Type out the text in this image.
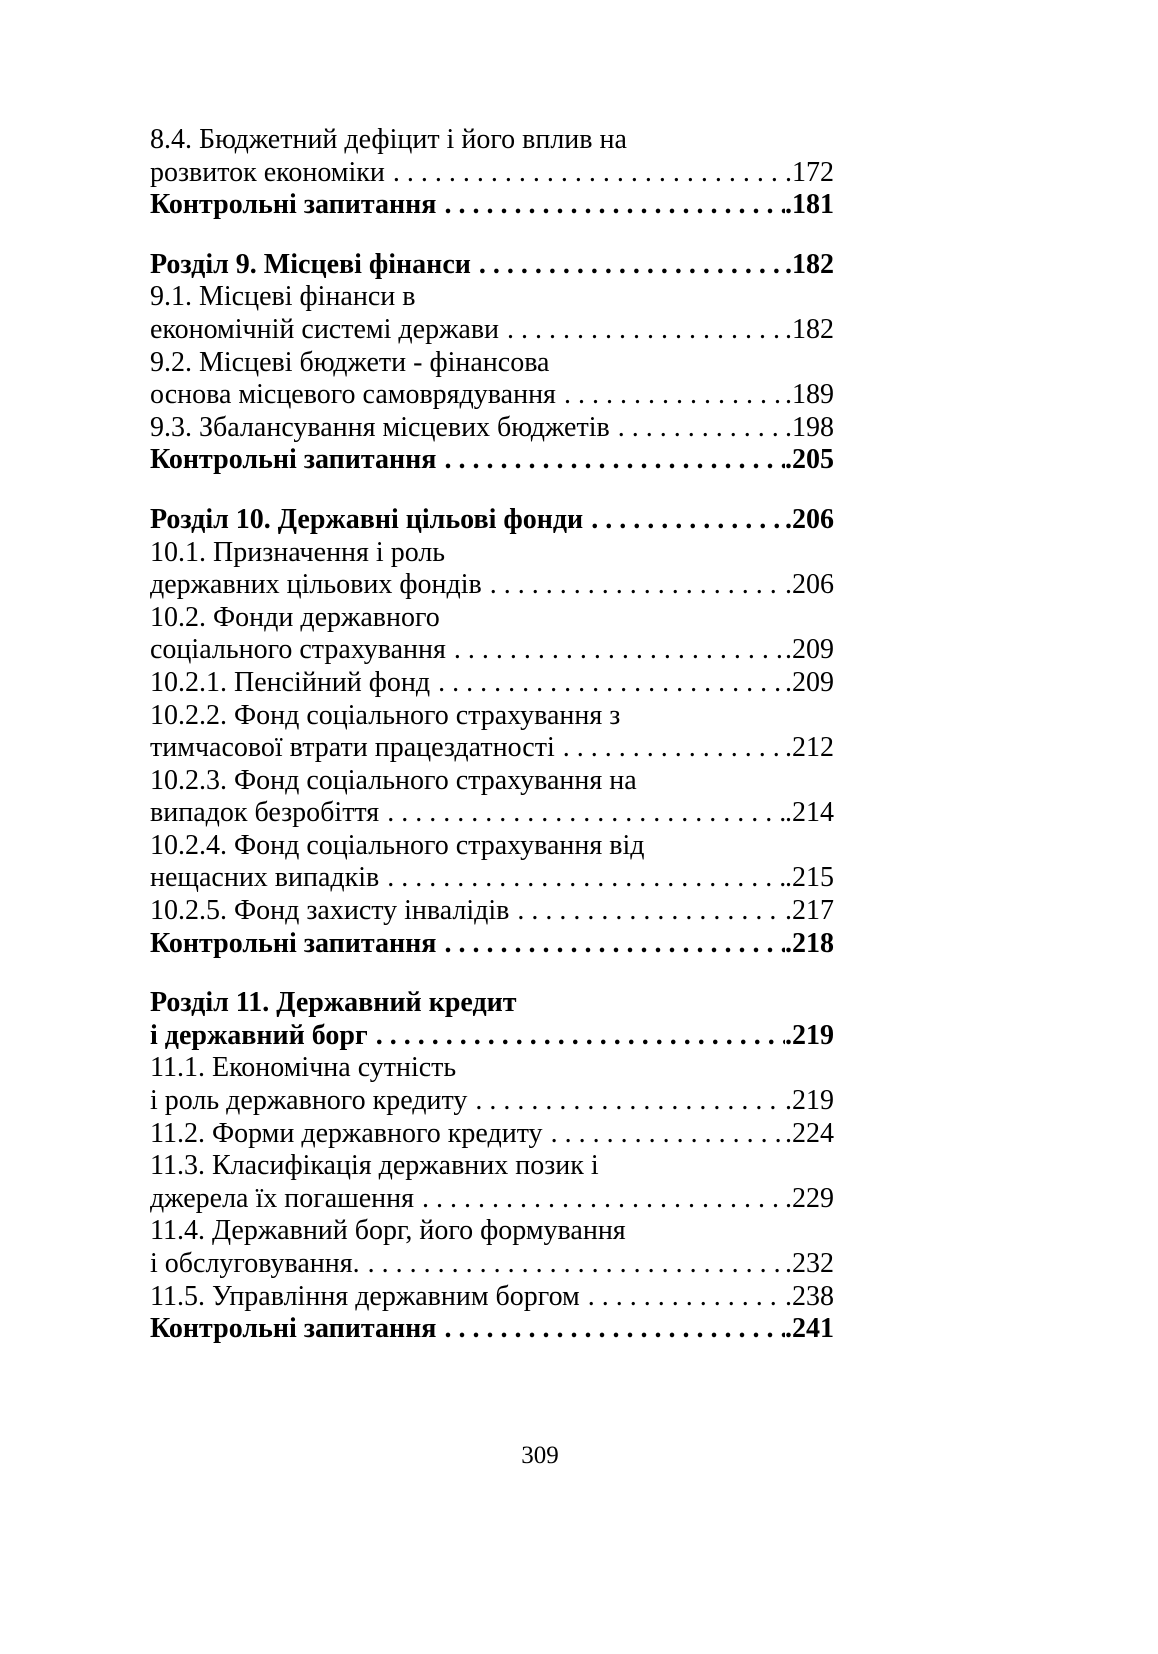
8.4. Бюджетний дефіцит і його вплив на
розвиток економіки . . .	. 172
Контрольні запитання . . .	. 181
Розділ 9. Місцеві фінанси . . .	. 182
9.1. Місцеві фінанси в
економічній системі держави . . .	. 182
9.2. Місцеві бюджети - фінансова
основа місцевого самоврядування . . .	. 189
9.3. Збалансування місцевих бюджетів . . .	. 198
Контрольні запитання . . .	. 205
Розділ 10. Державні цільові фонди . . .	. 206
10.1. Призначення і роль
державних цільових фондів . . .	. 206
10.2. Фонди державного
соціального страхування . . .	. 209
10.2.1. Пенсійний фонд . . .	. 209
10.2.2. Фонд соціального страхування з
тимчасової втрати працездатності . . .	. 212
10.2.3. Фонд соціального страхування на
випадок безробіття . . .	. 214
10.2.4. Фонд соціального страхування від
нещасних випадків . . .	. 215
10.2.5. Фонд захисту інвалідів . . .	. 217
Контрольні запитання . . .	. 218
Розділ 11. Державний кредит
і державний борг . . .	. 219
11.1. Економічна сутність
і роль державного кредиту . . .	. 219
11.2. Форми державного кредиту . . .	. 224
11.3. Класифікація державних позик і
джерела їх погашення . . .	. 229
11.4. Державний борг, його формування
і обслуговування. . . .	. 232
11.5. Управління державним боргом . . .	. 238
Контрольні запитання . . .	. 241
309
